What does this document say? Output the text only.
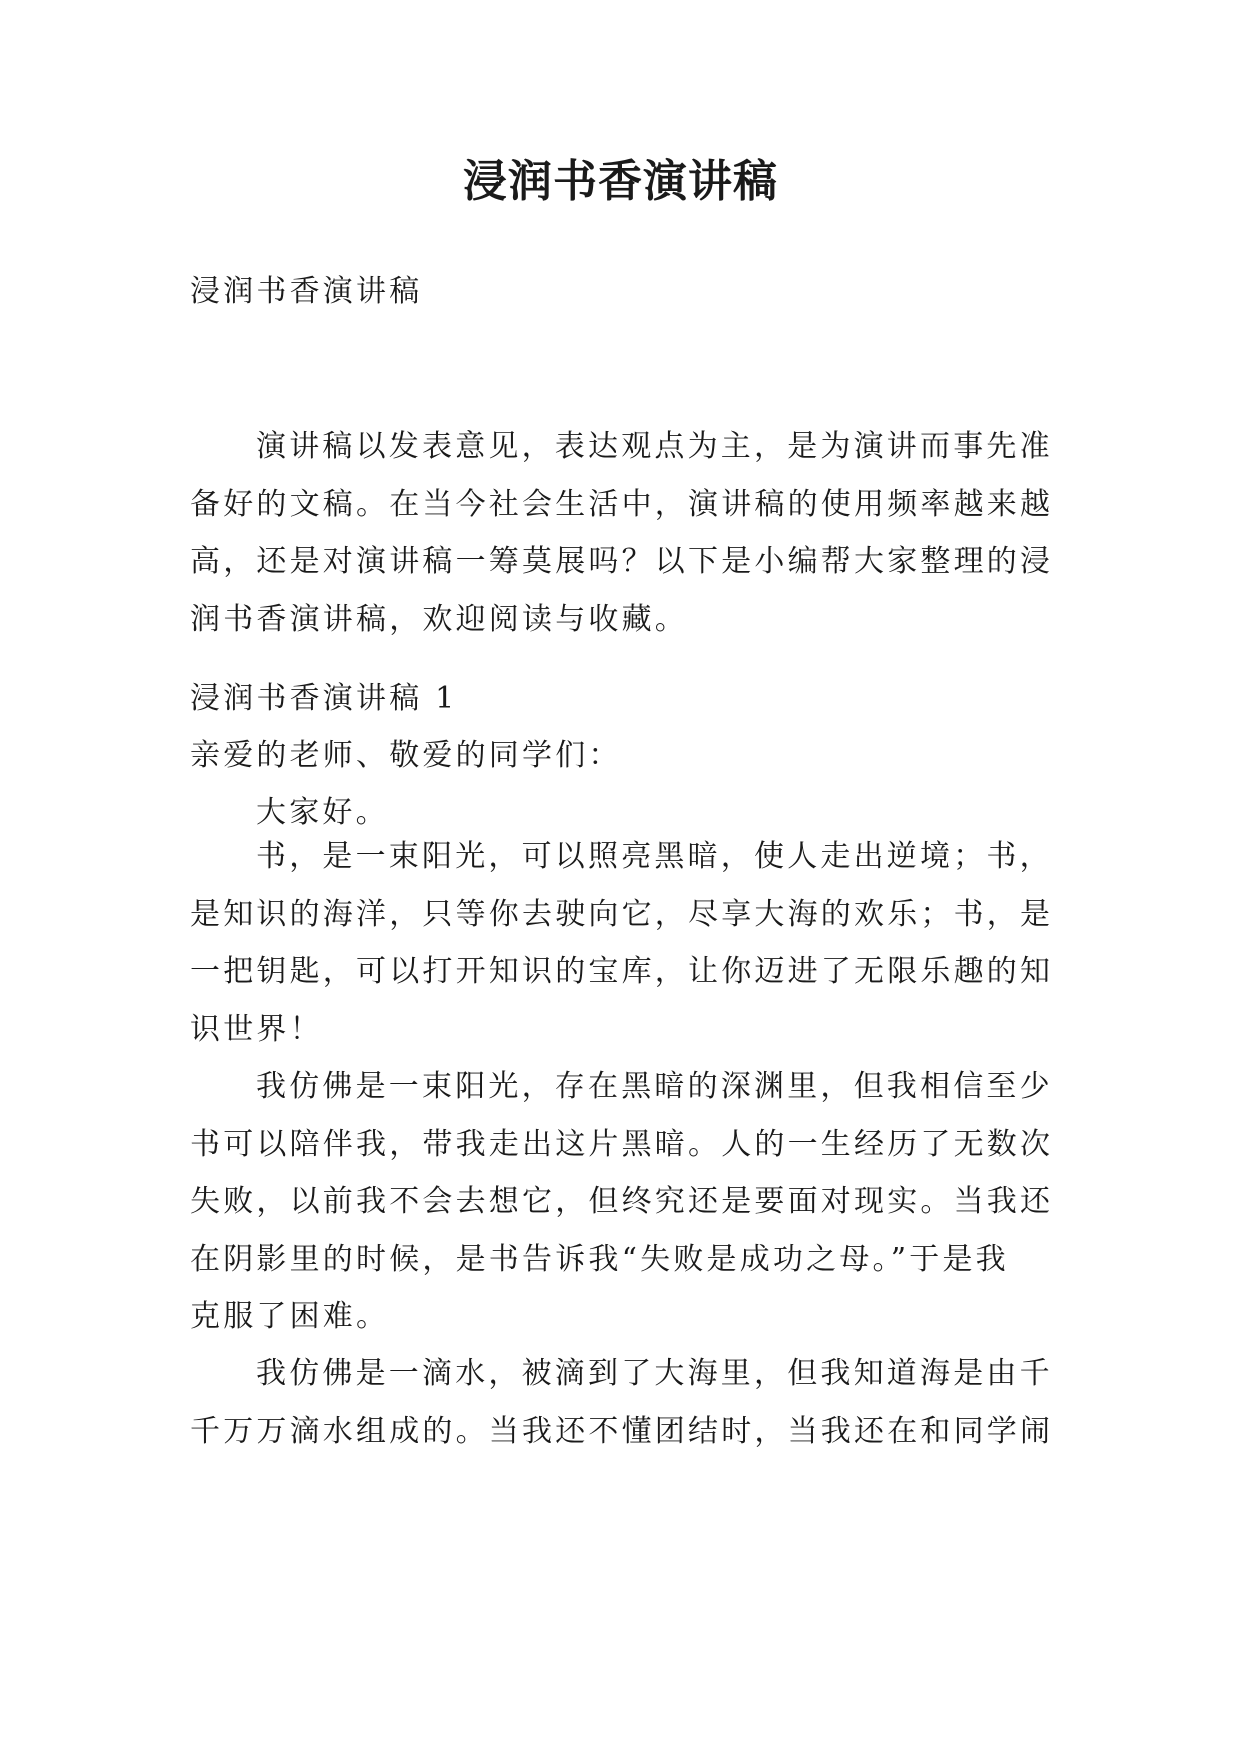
浸润书香演讲稿

浸润书香演讲稿

演讲稿以发表意见，表达观点为主，是为演讲而事先准
备好的文稿。在当今社会生活中，演讲稿的使用频率越来越
高，还是对演讲稿一筹莫展吗？以下是小编帮大家整理的浸
润书香演讲稿，欢迎阅读与收藏。

浸润书香演讲稿 1

亲爱的老师、敬爱的同学们：

大家好。

书，是一束阳光，可以照亮黑暗，使人走出逆境；书，
是知识的海洋，只等你去驶向它，尽享大海的欢乐；书，是
一把钥匙，可以打开知识的宝库，让你迈进了无限乐趣的知
识世界！
我仿佛是一束阳光，存在黑暗的深渊里，但我相信至少
书可以陪伴我，带我走出这片黑暗。人的一生经历了无数次
失败，以前我不会去想它，但终究还是要面对现实。当我还
在阴影里的时候，是书告诉我“失败是成功之母。”于是我
克服了困难。
我仿佛是一滴水，被滴到了大海里，但我知道海是由千
千万万滴水组成的。当我还不懂团结时，当我还在和同学闹
